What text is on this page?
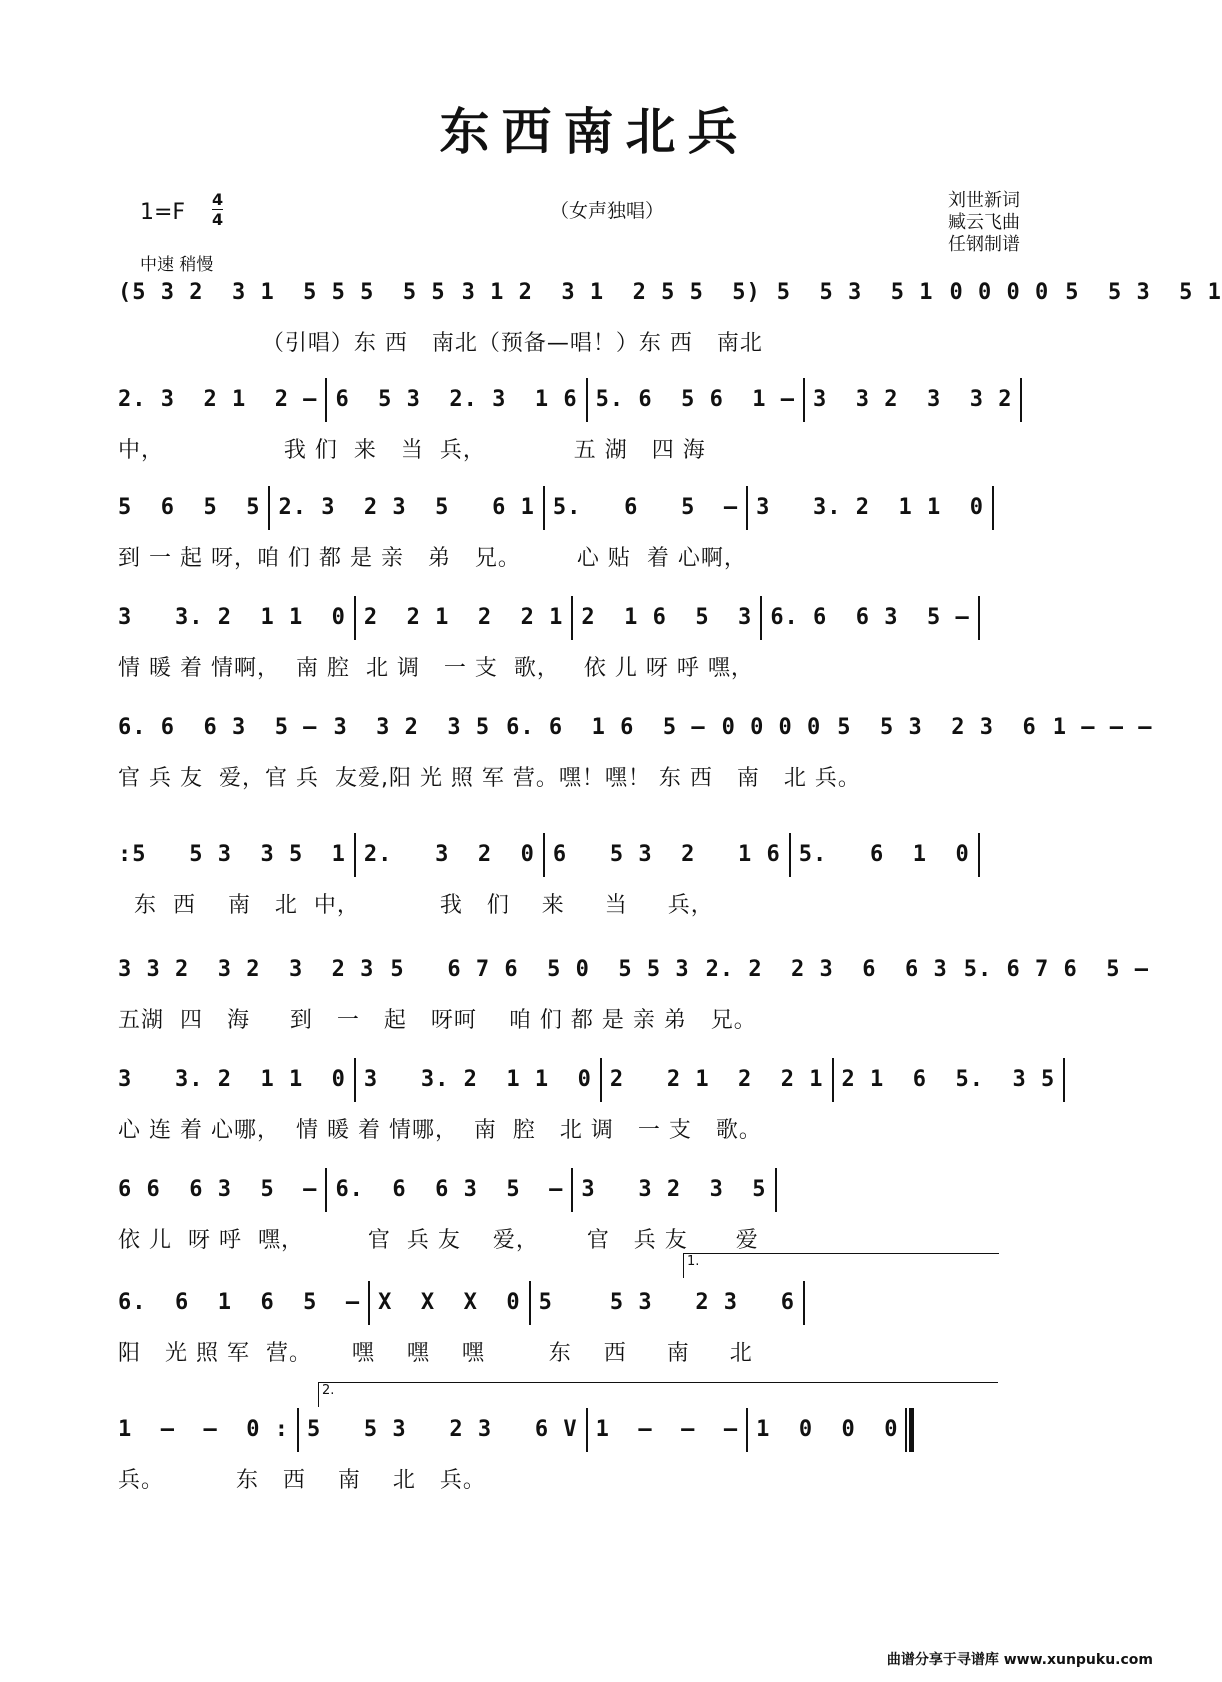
东西南北兵
1=F
4
4
中速 稍慢
（女声独唱）	刘世新词
臧云飞曲
任钢制谱
(5 3 2  3 1  5 5 5  5 5 3 1 2  3 1  2 5 5  5) 5  5 3  5 1 0 0 0 0 5  5 3  5 1
（引唱）东 西   南北（预备—唱！）东 西   南北
2. 3  2 1  2 – 6  5 3  2. 3  1 6 5. 6  5 6  1 – 3  3 2  3  3 2
中，               我 们  来   当  兵，           五 湖   四 海
5  6  5  5 2. 3  2 3  5   6 1 5.   6   5  – 3   3. 2  1 1  0
到 一 起 呀，咱 们 都 是 亲   弟   兄。       心 贴  着 心啊，
3   3. 2  1 1  0 2  2 1  2  2 1 2  1 6  5  3 6. 6  6 3  5 –
情 暖 着 情啊，  南 腔  北 调   一 支  歌，   依 儿 呀 呼 嘿，
6. 6  6 3  5 – 3  3 2  3 5 6. 6  1 6  5 – 0 0 0 0 5  5 3  2 3  6 1 – – –
官 兵 友  爱，官 兵  友爱,阳 光 照 军 营。嘿！嘿！ 东 西   南   北 兵。
:5   5 3  3 5  1 2.   3  2  0 6   5 3  2   1 6 5.   6  1  0
东  西    南   北  中，          我   们    来     当     兵，
3 3 2  3 2  3  2 3 5   6 7 6  5 0  5 5 3 2. 2  2 3  6  6 3 5. 6 7 6  5 –
五湖  四   海     到   一   起   呀呵    咱 们 都 是 亲 弟   兄。
3   3. 2  1 1  0 3   3. 2  1 1  0 2   2 1  2  2 1 2 1  6  5.  3 5
心 连 着 心哪，  情 暖 着 情哪，  南  腔   北 调   一 支   歌。
6 6  6 3  5  – 6.  6  6 3  5  – 3   3 2  3  5
依 儿  呀 呼  嘿，        官  兵 友    爱，      官   兵 友      爱
6.  6  1  6  5  – X  X  X  0 5    5 3   2 3   6
阳   光 照 军  营。     嘿    嘿    嘿        东    西     南     北
1  –  –  0 : 5   5 3   2 3   6 V 1  –  –  – 1  0  0  0
兵。         东   西    南    北   兵。
1.
2.
曲谱分享于寻谱库 www.xunpuku.com
